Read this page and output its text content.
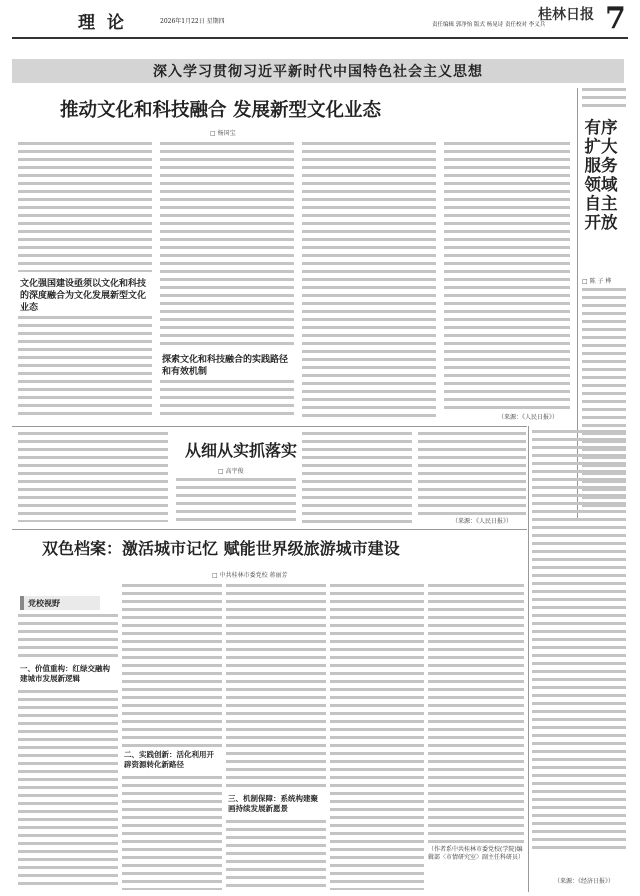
理 论	2026年1月22日 星期四	责任编辑 郭净怡 版式 杨晃诗 责任校对 李义兵
桂林日报 7
深入学习贯彻习近平新时代中国特色社会主义思想
推动文化和科技融合 发展新型文化业态
□ 杨国宝
文化强国建设亟须以文化和科技的深度融合为文化发展新型文化业态
探索文化和科技融合的实践路径和有效机制
（来源：《人民日报》）
有序扩大服务领域自主开放
□ 陈 子 桦
（来源：《经济日报》）
从细从实抓落实
□ 高宇俊
（来源：《人民日报》）
双色档案：激活城市记忆 赋能世界级旅游城市建设
□ 中共桂林市委党校 蒋丽芳
党校视野
一、价值重构：红绿交融构建城市发展新逻辑
二、实践创新：活化利用开辟资源转化新路径
三、机制保障：系统构建聚画持续发展新愿景
（作者系中共桂林市委党校(学院)编辑部〈市情研究室〉副主任科研员）
